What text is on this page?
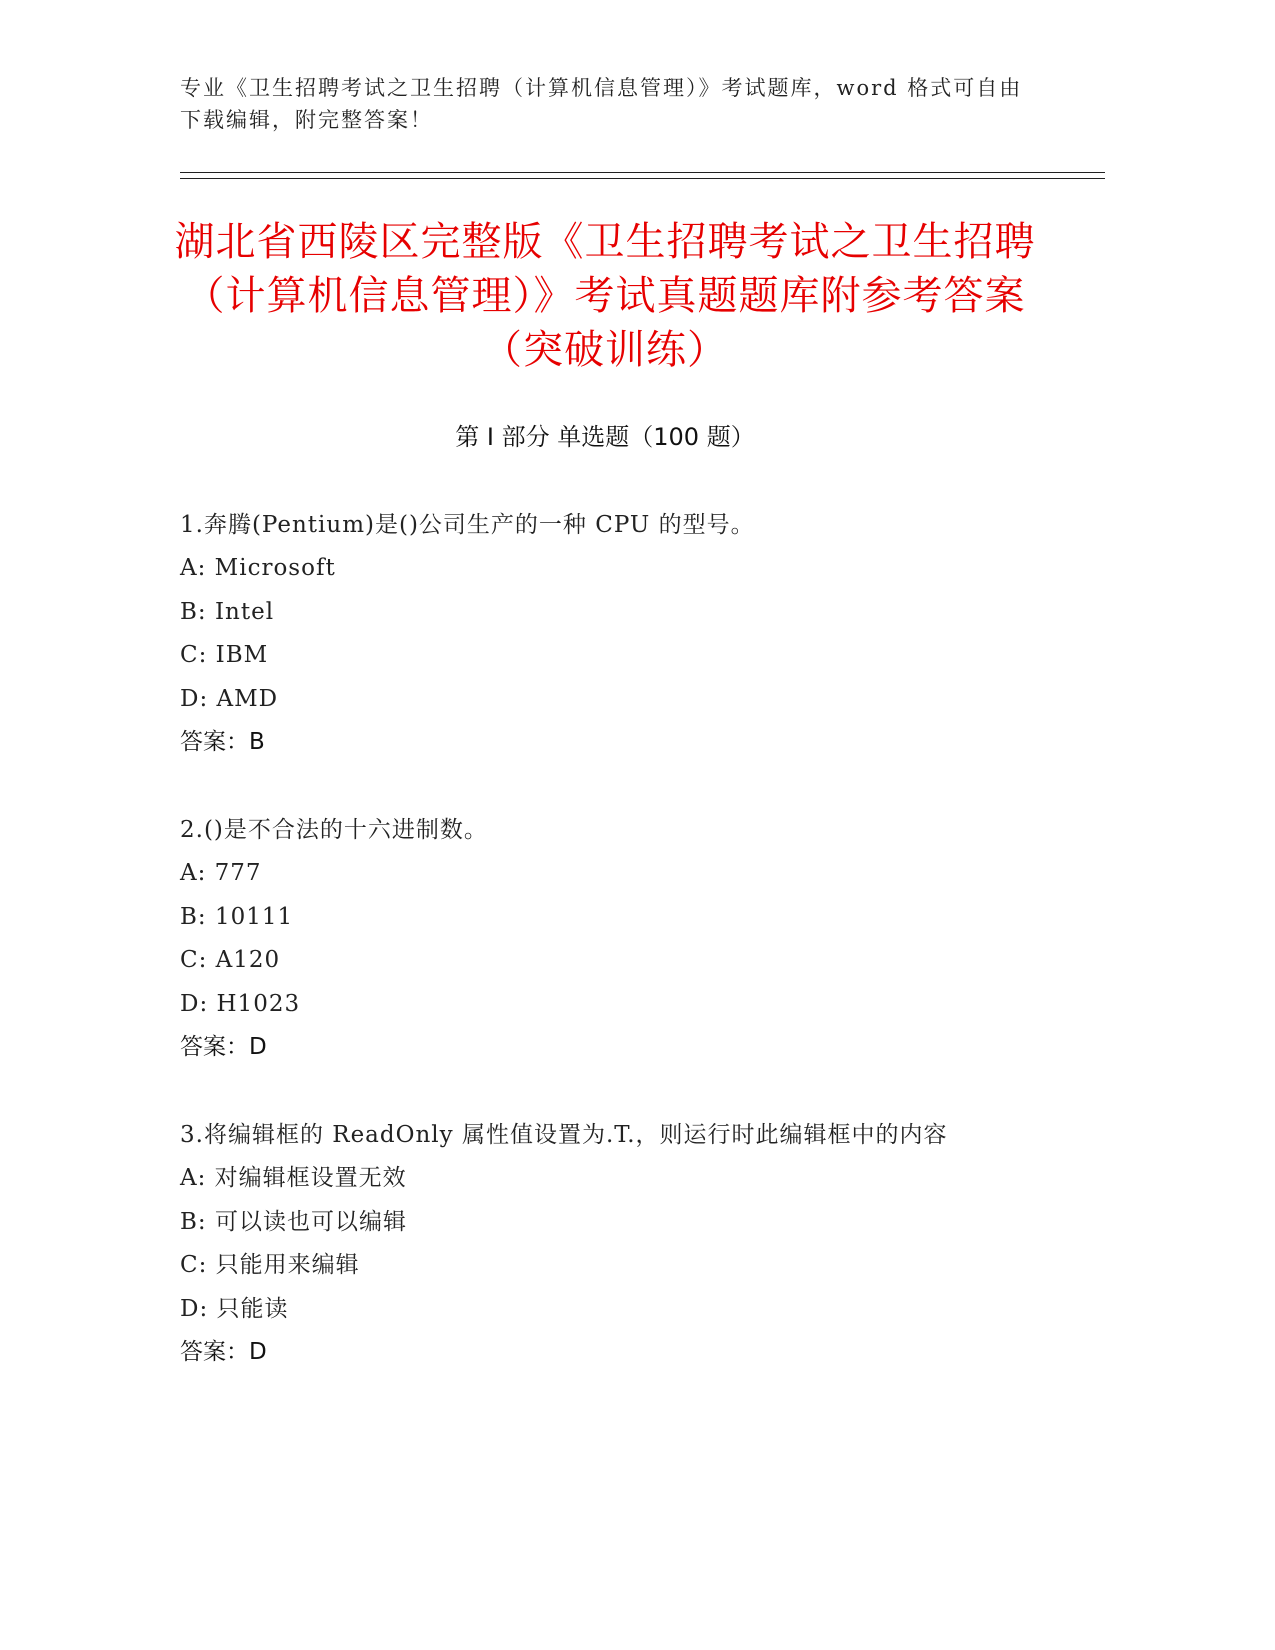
专业《卫生招聘考试之卫生招聘（计算机信息管理）》考试题库，word 格式可自由下载编辑，附完整答案！
湖北省西陵区完整版《卫生招聘考试之卫生招聘（计算机信息管理）》考试真题题库附参考答案（突破训练）
第 I 部分 单选题（100 题）
1.奔腾(Pentium)是()公司生产的一种 CPU 的型号。
A: Microsoft
B: Intel
C: IBM
D: AMD
答案：B
2.()是不合法的十六进制数。
A: 777
B: 10111
C: A120
D: H1023
答案：D
3.将编辑框的 ReadOnly 属性值设置为.T.，则运行时此编辑框中的内容
A: 对编辑框设置无效
B: 可以读也可以编辑
C: 只能用来编辑
D: 只能读
答案：D
